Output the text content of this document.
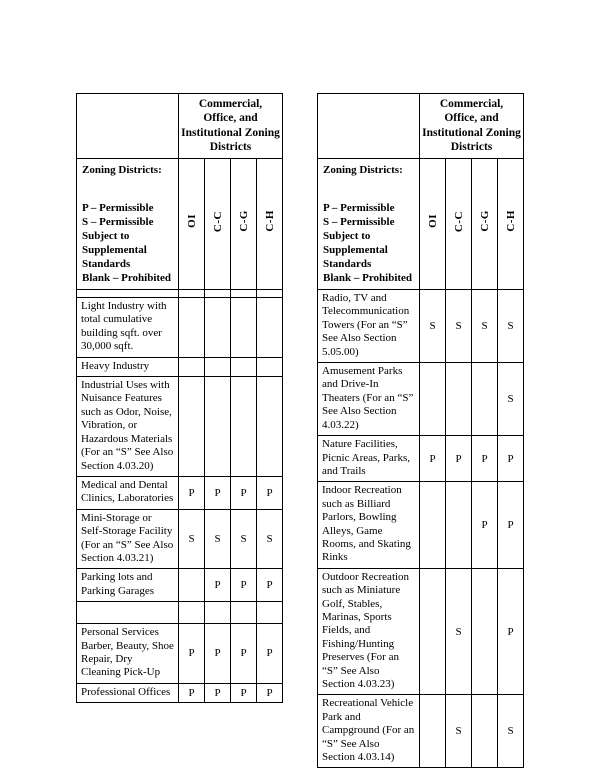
	Commercial, Office, and Institutional Zoning Districts			

Zoning Districts:
P – Permissible
S – Permissible Subject to Supplemental Standards
Blank – Prohibited	OI	C-C	C-G	C-H

Light Industry with total cumulative building sqft. over 30,000 sqft.				
Heavy Industry				
Industrial Uses with Nuisance Features such as Odor, Noise, Vibration, or Hazardous Materials (For an “S” See Also Section 4.03.20)				
Medical and Dental Clinics, Laboratories	P	P	P	P
Mini-Storage or Self-Storage Facility (For an “S” See Also Section 4.03.21)	S	S	S	S
Parking lots and Parking Garages		P	P	P

Personal Services Barber, Beauty, Shoe Repair, Dry Cleaning Pick-Up	P	P	P	P
Professional Offices	P	P	P	P
	Commercial, Office, and Institutional Zoning Districts			

Zoning Districts:
P – Permissible
S – Permissible Subject to Supplemental Standards
Blank – Prohibited	OI	C-C	C-G	C-H
Radio, TV and Telecommunication Towers (For an “S” See Also Section 5.05.00)	S	S	S	S
Amusement Parks and Drive-In Theaters (For an “S” See Also Section 4.03.22)				S
Nature Facilities, Picnic Areas, Parks, and Trails	P	P	P	P
Indoor Recreation such as Billiard Parlors, Bowling Alleys, Game Rooms, and Skating Rinks			P	P
Outdoor Recreation such as Miniature Golf, Stables, Marinas, Sports Fields, and Fishing/Hunting Preserves (For an “S” See Also Section 4.03.23)		S		P
Recreational Vehicle Park and Campground (For an “S” See Also Section 4.03.14)		S		S
